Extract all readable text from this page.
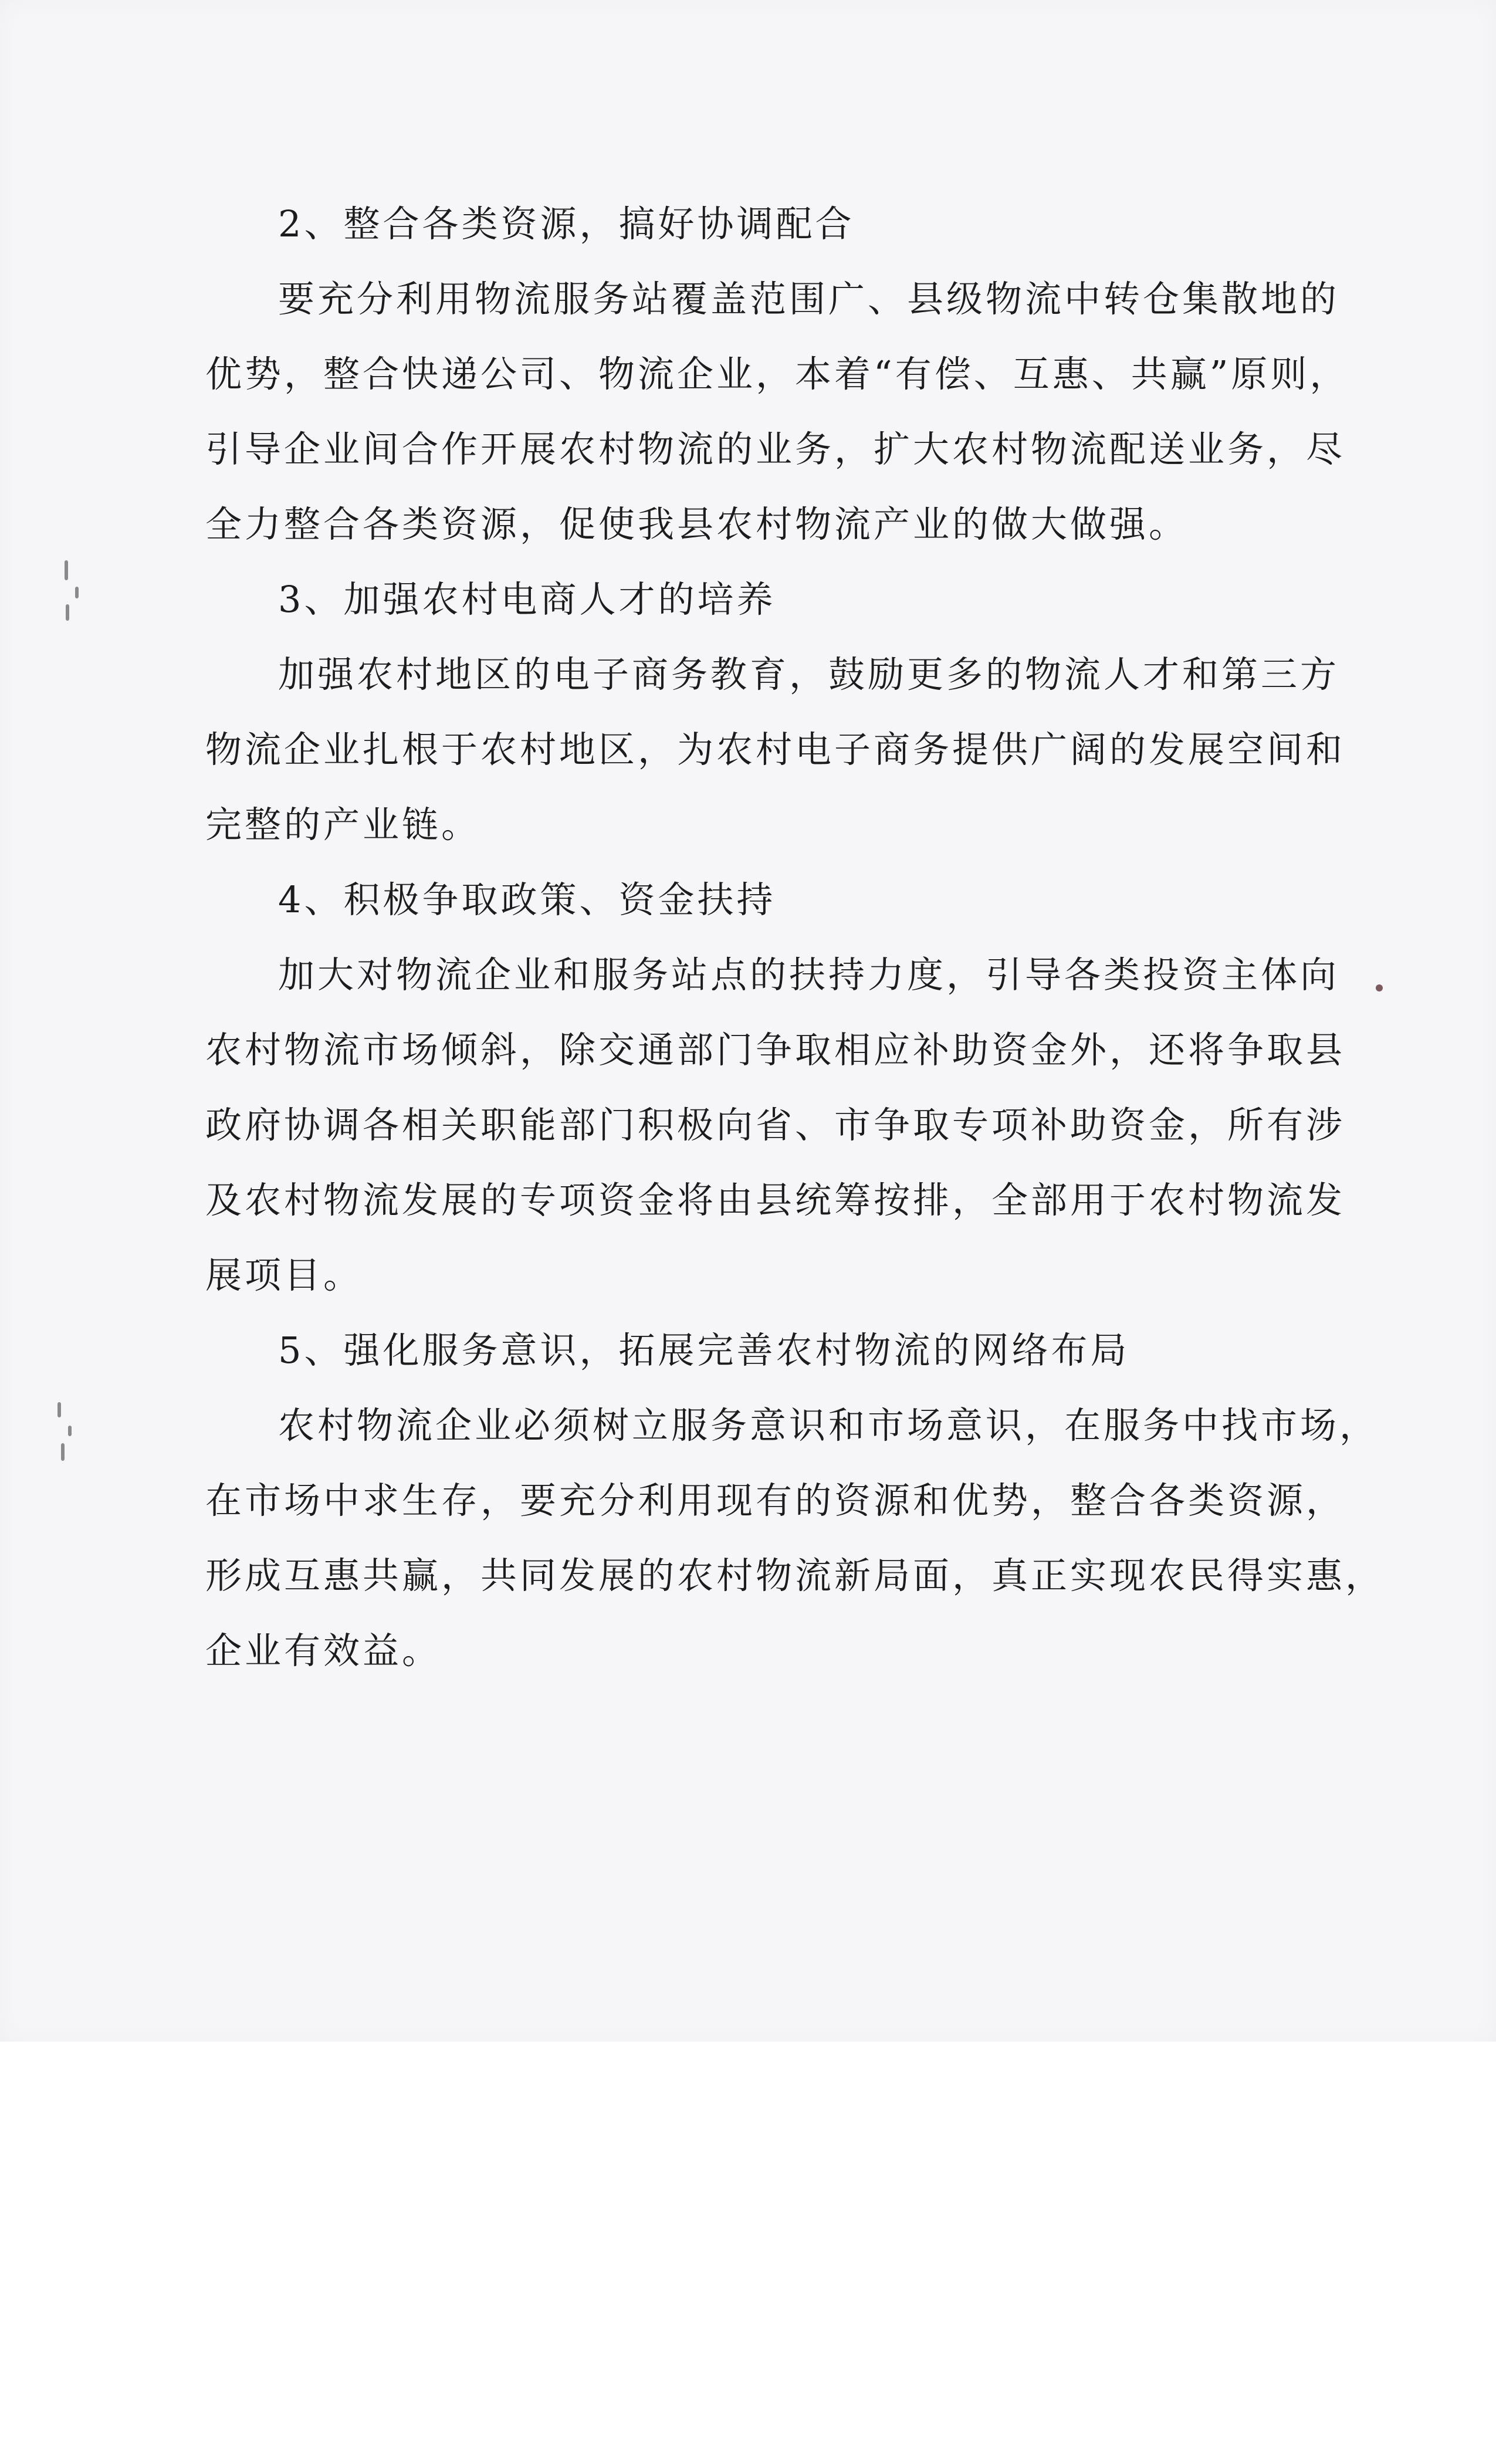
2、整合各类资源，搞好协调配合
要充分利用物流服务站覆盖范围广、县级物流中转仓集散地的
优势，整合快递公司、物流企业，本着“有偿、互惠、共赢”原则，
引导企业间合作开展农村物流的业务，扩大农村物流配送业务，尽
全力整合各类资源，促使我县农村物流产业的做大做强。
3、加强农村电商人才的培养
加强农村地区的电子商务教育，鼓励更多的物流人才和第三方
物流企业扎根于农村地区，为农村电子商务提供广阔的发展空间和
完整的产业链。
4、积极争取政策、资金扶持
加大对物流企业和服务站点的扶持力度，引导各类投资主体向
农村物流市场倾斜，除交通部门争取相应补助资金外，还将争取县
政府协调各相关职能部门积极向省、市争取专项补助资金，所有涉
及农村物流发展的专项资金将由县统筹按排，全部用于农村物流发
展项目。
5、强化服务意识，拓展完善农村物流的网络布局
农村物流企业必须树立服务意识和市场意识，在服务中找市场，
在市场中求生存，要充分利用现有的资源和优势，整合各类资源，
形成互惠共赢，共同发展的农村物流新局面，真正实现农民得实惠，
企业有效益。
